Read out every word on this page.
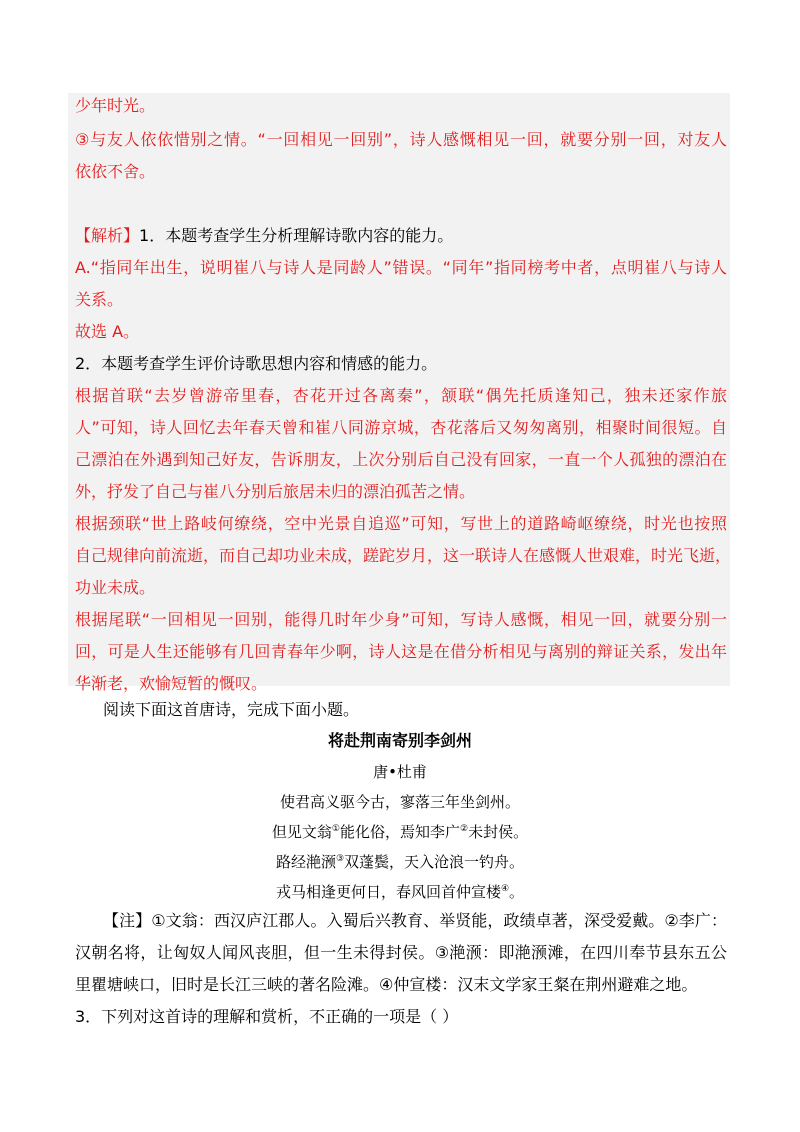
少年时光。
③与友人依依惜别之情。“一回相见一回别”，诗人感慨相见一回，就要分别一回，对友人
依依不舍。
【解析】1．本题考查学生分析理解诗歌内容的能力。
A.“指同年出生，说明崔八与诗人是同龄人”错误。“同年”指同榜考中者，点明崔八与诗人
关系。
故选 A。
2．本题考查学生评价诗歌思想内容和情感的能力。
根据首联“去岁曾游帝里春，杏花开过各离秦”，颔联“偶先托质逢知己，独未还家作旅
人”可知，诗人回忆去年春天曾和崔八同游京城，杏花落后又匆匆离别，相聚时间很短。自
己漂泊在外遇到知己好友，告诉朋友，上次分别后自己没有回家，一直一个人孤独的漂泊在
外，抒发了自己与崔八分别后旅居未归的漂泊孤苦之情。
根据颈联“世上路岐何缭绕，空中光景自追巡”可知，写世上的道路崎岖缭绕，时光也按照
自己规律向前流逝，而自己却功业未成，蹉跎岁月，这一联诗人在感慨人世艰难，时光飞逝，
功业未成。
根据尾联“一回相见一回别，能得几时年少身”可知，写诗人感慨，相见一回，就要分别一
回，可是人生还能够有几回青春年少啊，诗人这是在借分析相见与离别的辩证关系，发出年
华渐老，欢愉短暂的慨叹。
阅读下面这首唐诗，完成下面小题。
将赴荆南寄别李剑州
唐•杜甫
使君高义驱今古，寥落三年坐剑州。
但见文翁①能化俗，焉知李广②未封侯。
路经滟滪③双蓬鬓，天入沧浪一钓舟。
戎马相逢更何日，春风回首仲宣楼④。
【注】①文翁：西汉庐江郡人。入蜀后兴教育、举贤能，政绩卓著，深受爱戴。②李广：
汉朝名将，让匈奴人闻风丧胆，但一生未得封侯。③滟滪：即滟滪滩，在四川奉节县东五公
里瞿塘峡口，旧时是长江三峡的著名险滩。④仲宣楼：汉末文学家王粲在荆州避难之地。
3．下列对这首诗的理解和赏析，不正确的一项是（ ）
